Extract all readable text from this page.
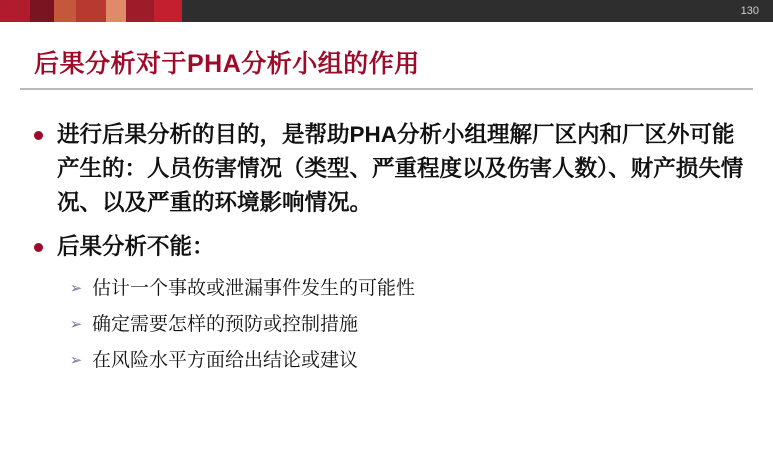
130
后果分析对于PHA分析小组的作用
进行后果分析的目的，是帮助PHA分析小组理解厂区内和厂区外可能产生的：人员伤害情况（类型、严重程度以及伤害人数）、财产损失情况、以及严重的环境影响情况。
后果分析不能：
➢ 估计一个事故或泄漏事件发生的可能性
➢ 确定需要怎样的预防或控制措施
➢ 在风险水平方面给出结论或建议
